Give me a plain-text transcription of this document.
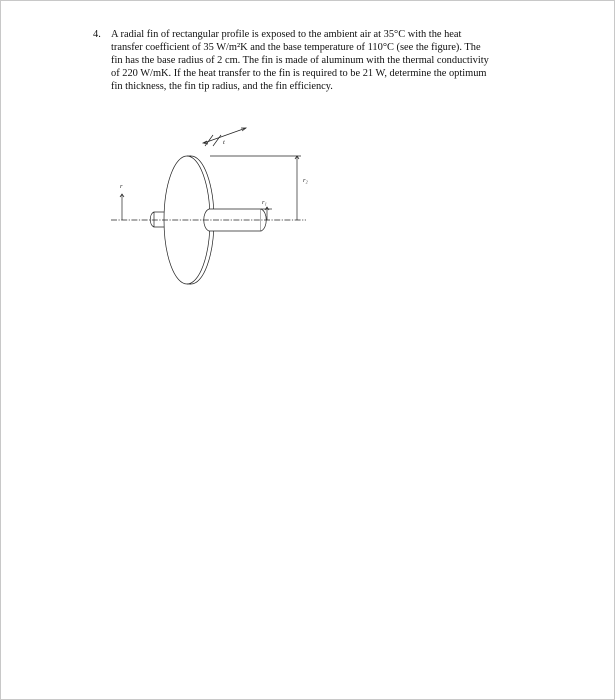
4. A radial fin of rectangular profile is exposed to the ambient air at 35°C with the heat
transfer coefficient of 35 W/m²K and the base temperature of 110°C (see the figure). The
fin has the base radius of 2 cm. The fin is made of aluminum with the thermal conductivity
of 220 W/mK. If the heat transfer to the fin is required to be 21 W, determine the optimum
fin thickness, the fin tip radius, and the fin efficiency.
t
r
r₁
r₂
